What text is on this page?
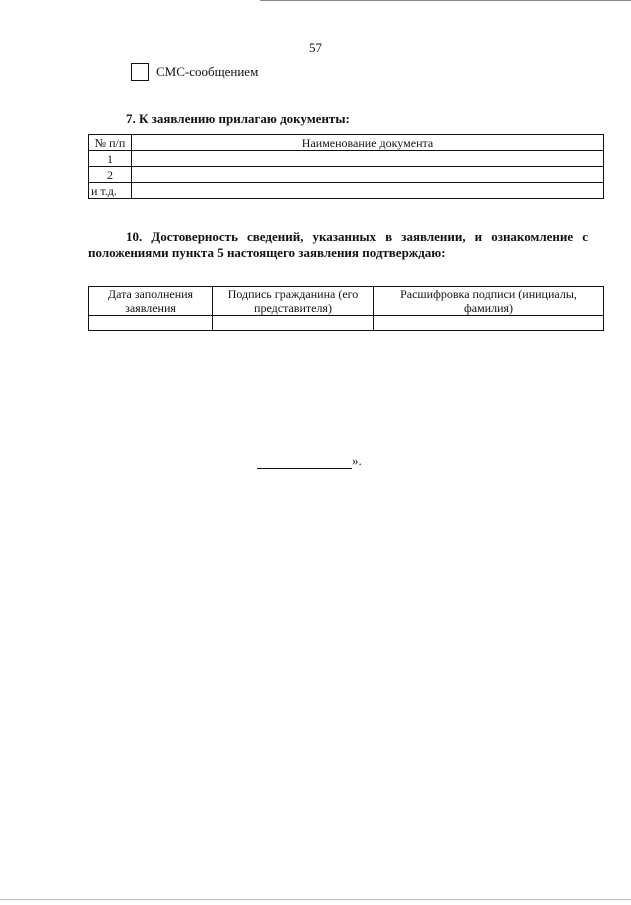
57
СМС-сообщением
7. К заявлению прилагаю документы:
№ п/п	Наименование документа
1	
2	
и т.д.	
10. Достоверность сведений, указанных в заявлении, и ознакомление с положениями пункта 5 настоящего заявления подтверждаю:
Дата заполнения заявления	Подпись гражданина (его представителя)	Расшифровка подписи (инициалы, фамилия)

».
